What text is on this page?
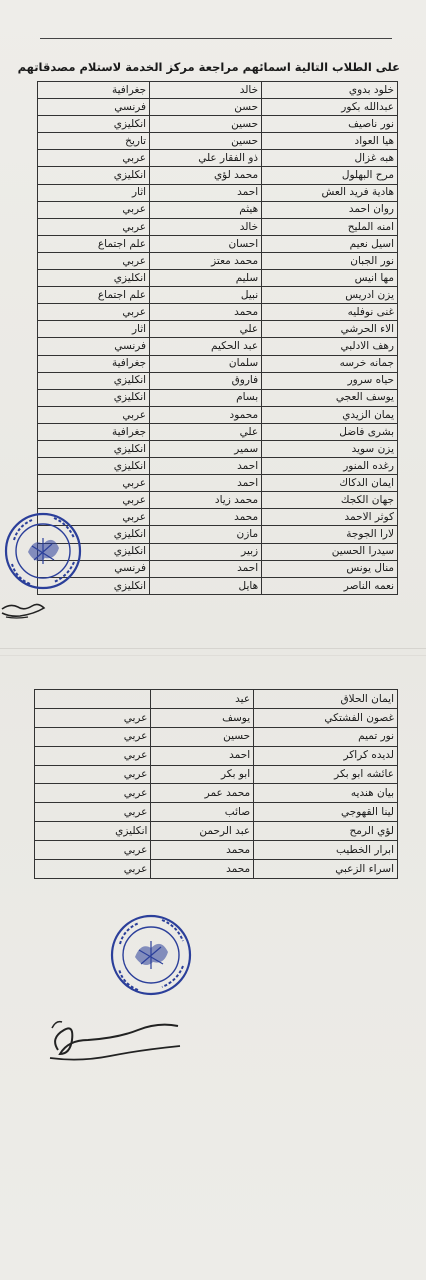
على الطلاب التالية اسمائهم مراجعة مركز الخدمة لاستلام مصدقاتهم
خلود بدوي	خالد	جغرافية
عبدالله بكور	حسن	فرنسي
نور ناصيف	حسين	انكليزي
هيا العواد	حسين	تاريخ
هبه غزال	ذو الفقار علي	عربي
مرح البهلول	محمد لؤي	انكليزي
هادية فريد العش	احمد	اثار
روان احمد	هيثم	عربي
امنه المليح	خالد	عربي
اسيل نعيم	احسان	علم اجتماع
نور الجبان	محمد معتز	عربي
مها انيس	سليم	انكليزي
يزن ادريس	نبيل	علم اجتماع
غنى نوفليه	محمد	عربي
الاء الحرشي	علي	اثار
رهف الادلبي	عبد الحكيم	فرنسي
جمانه خرسه	سلمان	جغرافية
حياه سرور	فاروق	انكليزي
يوسف العجي	بسام	انكليزي
يمان الزيدي	محمود	عربي
بشرى فاضل	علي	جغرافية
يزن سويد	سمير	انكليزي
رغده المنور	احمد	انكليزي
ايمان الدكاك	احمد	عربي
جهان الكجك	محمد زياد	عربي
كوثر الاحمد	محمد	عربي
لارا الجوجة	مازن	انكليزي
سيدرا الحسين	زبير	انكليزي
منال يونس	احمد	فرنسي
نعمه الناصر	هايل	انكليزي
ايمان الحلاق	عيد	
غصون الفشتكي	يوسف	عربي
نور تميم	حسين	عربي
لديده كراكر	احمد	عربي
عائشه ابو بكر	ابو بكر	عربي
بيان هنديه	محمد عمر	عربي
لينا القهوجي	صائب	عربي
لؤي الرمح	عبد الرحمن	انكليزي
ابرار الخطيب	محمد	عربي
اسراء الزعبي	محمد	عربي
